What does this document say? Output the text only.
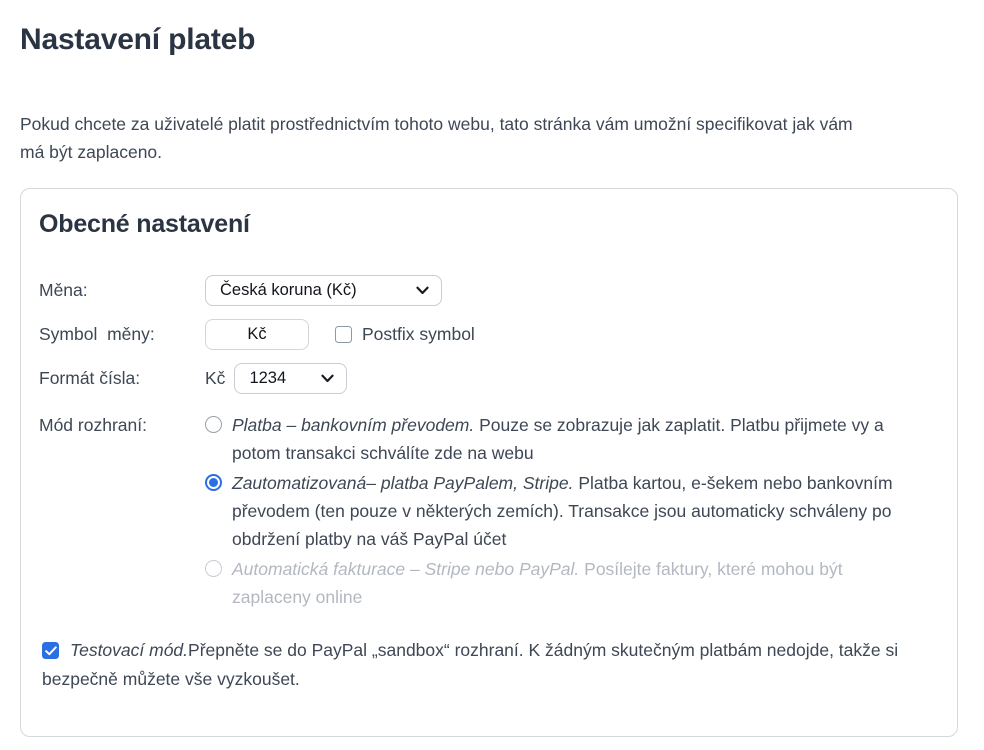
Nastavení plateb

Pokud chcete za uživatelé platit prostřednictvím tohoto webu, tato stránka vám umožní specifikovat jak vám má být zaplaceno.

Obecné nastavení
Měna:	Česká koruna (Kč)
Symbol  měny:
Kč	Postfix symbol
Formát čísla:	Kč 1234
Mód rozhraní:	Platba – bankovním převodem. Pouze se zobrazuje jak zaplatit. Platbu přijmete vy a potom transakci schválíte zde na webu
Zautomatizovaná– platba PayPalem, Stripe. Platba kartou, e-šekem nebo bankovním převodem (ten pouze v některých zemích). Transakce jsou automaticky schváleny po obdržení platby na váš PayPal účet
Automatická fakturace – Stripe nebo PayPal. Posílejte faktury, které mohou být zaplaceny online

Testovací mód.Přepněte se do PayPal „sandbox“ rozhraní. K žádným skutečným platbám nedojde, takže si bezpečně můžete vše vyzkoušet.
